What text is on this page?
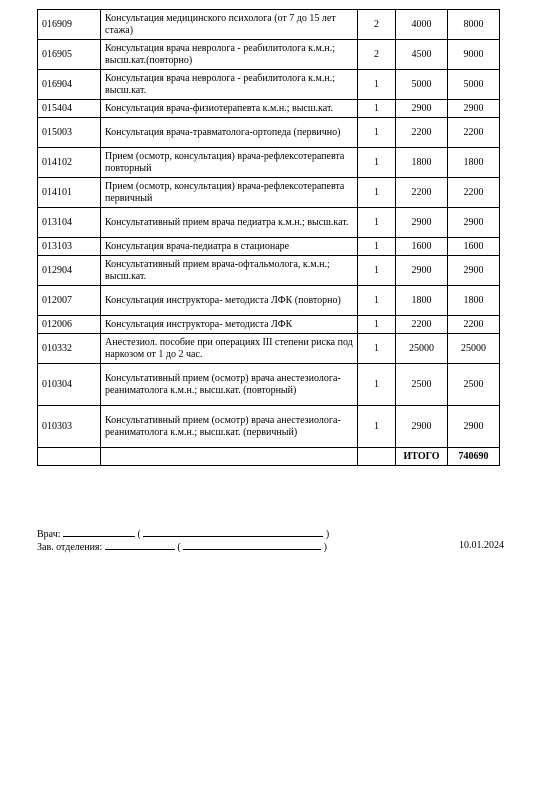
016909	Консультация медицинского психолога (от 7 до 15 лет стажа)	2	4000	8000
016905	Консультация врача невролога - реабилитолога к.м.н.; высш.кат.(повторно)	2	4500	9000
016904	Консультация врача невролога - реабилитолога к.м.н.; высш.кат.	1	5000	5000
015404	Консультация врача-физиотерапевта к.м.н.; высш.кат.	1	2900	2900
015003	Консультация врача-травматолога-ортопеда (первично)	1	2200	2200
014102	Прием (осмотр, консультация) врача-рефлексотерапевта повторный	1	1800	1800
014101	Прием (осмотр, консультация) врача-рефлексотерапевта первичный	1	2200	2200
013104	Консультативный прием врача педиатра к.м.н.; высш.кат.	1	2900	2900
013103	Консультация врача-педиатра в стационаре	1	1600	1600
012904	Консультативный прием врача-офтальмолога, к.м.н.; высш.кат.	1	2900	2900
012007	Консультация инструктора- методиста ЛФК (повторно)	1	1800	1800
012006	Консультация инструктора- методиста ЛФК	1	2200	2200
010332	Анестезиол. пособие при операциях III степени риска под наркозом от 1 до 2 час.	1	25000	25000
010304	Консультативный прием (осмотр) врача анестезиолога-реаниматолога к.м.н.; высш.кат. (повторный)	1	2500	2500
010303	Консультативный прием (осмотр) врача анестезиолога-реаниматолога к.м.н.; высш.кат. (первичный)	1	2900	2900
			ИТОГО	740690
Врач:	(	)
Зав. отделения:	(	)	10.01.2024
